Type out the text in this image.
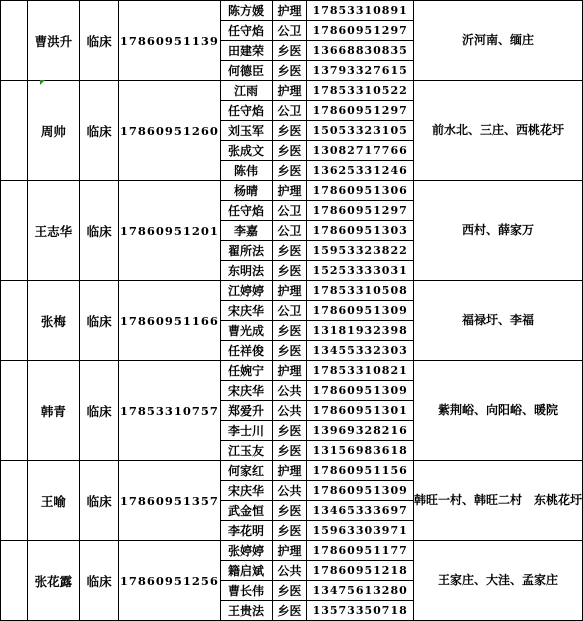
	曹洪升	临床	17860951139	陈方媛	护理	17853310891	沂河南、缅庄
				任守焰	公卫	17860951297	
				田建荣	乡医	13668830835	
				何德臣	乡医	13793327615	
	周帅	临床	17860951260	江雨	护理	17853310522	前水北、三庄、西桃花圩
				任守焰	公卫	17860951297	
				刘玉军	乡医	15053323105	
				张成文	乡医	13082717766	
				陈伟	乡医	13625331246	
	王志华	临床	17860951201	杨晴	护理	17860951306	西村、薛家万
				任守焰	公卫	17860951297	
				李嘉	公卫	17860951303	
				翟所法	乡医	15953323822	
				东明法	乡医	15253333031	
	张梅	临床	17860951166	江婷婷	护理	17853310508	福禄圩、李福
				宋庆华	公卫	17860951309	
				曹光成	乡医	13181932398	
				任祥俊	乡医	13455332303	
	韩青	临床	17853310757	任婉宁	护理	17853310821	紫荆峪、向阳峪、暖院
				宋庆华	公共	17860951309	
				郑爱升	公共	17860951301	
				李士川	乡医	13969328216	
				江玉友	乡医	13156983618	
	王喻	临床	17860951357	何家红	护理	17860951156	韩旺一村、韩旺二村　东桃花圩
				宋庆华	公共	17860951309	
				武金恒	乡医	13465333697	
				李花明	乡医	15963303971	
	张花露	临床	17860951256	张婷婷	护理	17860951177	王家庄、大洼、孟家庄
				籍启斌	公共	17860951218	
				曹长伟	乡医	13475613280	
				王贵法	乡医	13573350718	
